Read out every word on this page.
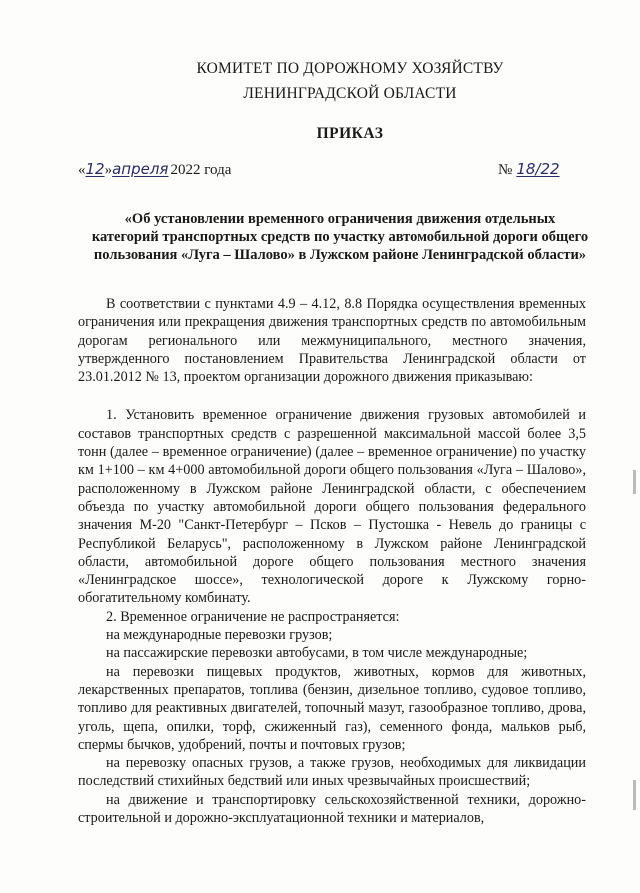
КОМИТЕТ ПО ДОРОЖНОМУ ХОЗЯЙСТВУ
ЛЕНИНГРАДСКОЙ ОБЛАСТИ
ПРИКАЗ
« 12 » апреля 2022 года	№ 18/22
«Об установлении временного ограничения движения отдельных категорий транспортных средств по участку автомобильной дороги общего пользования «Луга – Шалово» в Лужском районе Ленинградской области»

В соответствии с пунктами 4.9 – 4.12, 8.8 Порядка осуществления временных ограничения или прекращения движения транспортных средств по автомобильным дорогам регионального или межмуниципального, местного значения, утвержденного постановлением Правительства Ленинградской области от 23.01.2012 № 13, проектом организации дорожного движения приказываю:

1. Установить временное ограничение движения грузовых автомобилей и составов транспортных средств с разрешенной максимальной массой более 3,5 тонн (далее – временное ограничение) (далее – временное ограничение) по участку км 1+100 – км 4+000 автомобильной дороги общего пользования «Луга – Шалово», расположенному в Лужском районе Ленинградской области, с обеспечением объезда по участку автомобильной дороги общего пользования федерального значения М-20 "Санкт-Петербург – Псков – Пустошка - Невель до границы с Республикой Беларусь", расположенному в Лужском районе Ленинградской области, автомобильной дороге общего пользования местного значения «Ленинградское шоссе», технологической дороге к Лужскому горно-обогатительному комбинату.

2. Временное ограничение не распространяется:

на международные перевозки грузов;

на пассажирские перевозки автобусами, в том числе международные;

на перевозки пищевых продуктов, животных, кормов для животных, лекарственных препаратов, топлива (бензин, дизельное топливо, судовое топливо, топливо для реактивных двигателей, топочный мазут, газообразное топливо, дрова, уголь, щепа, опилки, торф, сжиженный газ), семенного фонда, мальков рыб, спермы бычков, удобрений, почты и почтовых грузов;

на перевозку опасных грузов, а также грузов, необходимых для ликвидации последствий стихийных бедствий или иных чрезвычайных происшествий;

на движение и транспортировку сельскохозяйственной техники, дорожно-строительной и дорожно-эксплуатационной техники и материалов,
